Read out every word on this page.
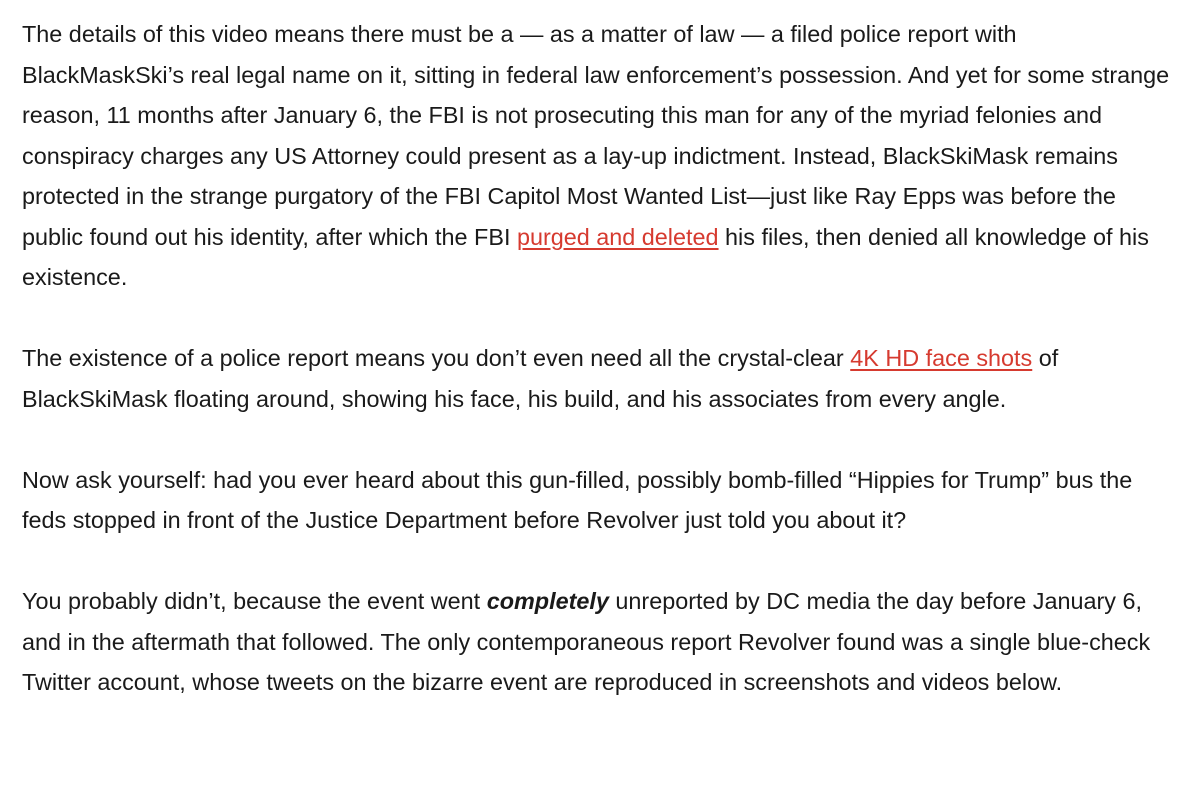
The details of this video means there must be a — as a matter of law — a filed police report with BlackMaskSki’s real legal name on it, sitting in federal law enforcement’s possession. And yet for some strange reason, 11 months after January 6, the FBI is not prosecuting this man for any of the myriad felonies and conspiracy charges any US Attorney could present as a lay-up indictment. Instead, BlackSkiMask remains protected in the strange purgatory of the FBI Capitol Most Wanted List—just like Ray Epps was before the public found out his identity, after which the FBI purged and deleted his files, then denied all knowledge of his existence.

The existence of a police report means you don’t even need all the crystal-clear 4K HD face shots of BlackSkiMask floating around, showing his face, his build, and his associates from every angle.

Now ask yourself: had you ever heard about this gun-filled, possibly bomb-filled “Hippies for Trump” bus the feds stopped in front of the Justice Department before Revolver just told you about it?

You probably didn’t, because the event went completely unreported by DC media the day before January 6, and in the aftermath that followed. The only contemporaneous report Revolver found was a single blue-check Twitter account, whose tweets on the bizarre event are reproduced in screenshots and videos below.
